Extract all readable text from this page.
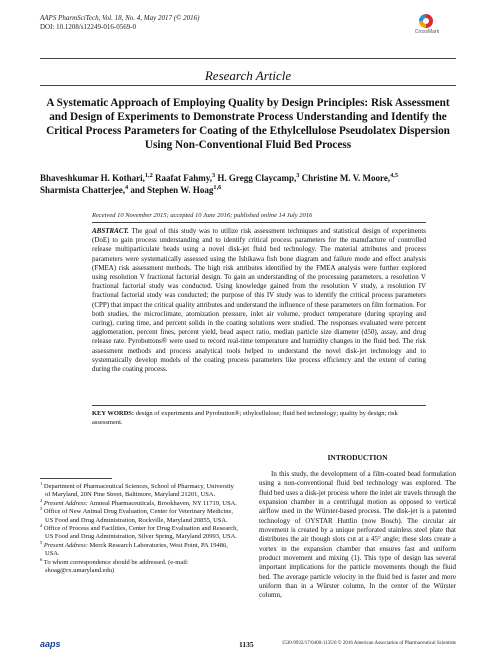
AAPS PharmSciTech, Vol. 18, No. 4, May 2017 (© 2016)
DOI: 10.1208/s12249-016-0569-0
CrossMark
Research Article
A Systematic Approach of Employing Quality by Design Principles: Risk Assessment and Design of Experiments to Demonstrate Process Understanding and Identify the Critical Process Parameters for Coating of the Ethylcellulose Pseudolatex Dispersion Using Non-Conventional Fluid Bed Process
Bhaveshkumar H. Kothari,$^{1,2}$ Raafat Fahmy,$^3$ H. Gregg Claycamp,$^3$ Christine M. V. Moore,$^{4,5}$
Sharmista Chatterjee,$^4$ and Stephen W. Hoag$^{1,6}$
Received 10 November 2015; accepted 10 June 2016; published online 14 July 2016
ABSTRACT. The goal of this study was to utilize risk assessment techniques and statistical design of experiments (DoE) to gain process understanding and to identify critical process parameters for the manufacture of controlled release multiparticulate beads using a novel disk-jet fluid bed technology. The material attributes and process parameters were systematically assessed using the Ishikawa fish bone diagram and failure mode and effect analysis (FMEA) risk assessment methods. The high risk attributes identified by the FMEA analysis were further explored using resolution V fractional factorial design. To gain an understanding of the processing parameters, a resolution V fractional factorial study was conducted. Using knowledge gained from the resolution V study, a resolution IV fractional factorial study was conducted; the purpose of this IV study was to identify the critical process parameters (CPP) that impact the critical quality attributes and understand the influence of these parameters on film formation. For both studies, the microclimate, atomization pressure, inlet air volume, product temperature (during spraying and curing), curing time, and percent solids in the coating solutions were studied. The responses evaluated were percent agglomeration, percent fines, percent yield, bead aspect ratio, median particle size diameter (d50), assay, and drug release rate. Pyrobuttons® were used to record real-time temperature and humidity changes in the fluid bed. The risk assessment methods and process analytical tools helped to understand the novel disk-jet technology and to systematically develop models of the coating process parameters like process efficiency and the extent of curing during the coating process.
KEY WORDS: design of experiments and Pyrobutton®; ethylcellulose; fluid bed technology; quality by design; risk assessment.
INTRODUCTION
In this study, the development of a film-coated bead formulation using a non-conventional fluid bed technology was explored. The fluid bed uses a disk-jet process where the inlet air travels through the expansion chamber in a centrifugal motion as opposed to vertical airflow used in the Würster-based process. The disk-jet is a patented technology of OYSTAR Huttlin (now Bosch). The circular air movement is created by a unique perforated stainless steel plate that distributes the air though slots cut at a 45° angle; these slots create a vortex in the expansion chamber that ensures fast and uniform product movement and mixing (1). This type of design has several important implications for the particle movements though the fluid bed. The average particle velocity in the fluid bed is faster and more uniform than in a Würster column, In the center of the Würster column,

$^1$ Department of Pharmaceutical Sciences, School of Pharmacy, University of Maryland, 20N Pine Street, Baltimore, Maryland 21201, USA.

$^2$ Present Address: Amneal Pharmaceuticals, Brookhaven, NY 11719, USA.

$^3$ Office of New Animal Drug Evaluation, Center for Veterinary Medicine, US Food and Drug Administration, Rockville, Maryland 20855, USA.

$^4$ Office of Process and Facilities, Center for Drug Evaluation and Research, US Food and Drug Administration, Silver Spring, Maryland 20993, USA.

$^5$ Present Address: Merck Research Laboratories, West Point, PA 19486, USA.

$^6$ To whom correspondence should be addressed. (e-mail: shoag@rx.umaryland.edu)

aaps	1135	1530-9932/17/0400-1135/0 © 2016 American Association of Pharmaceutical Scientists
